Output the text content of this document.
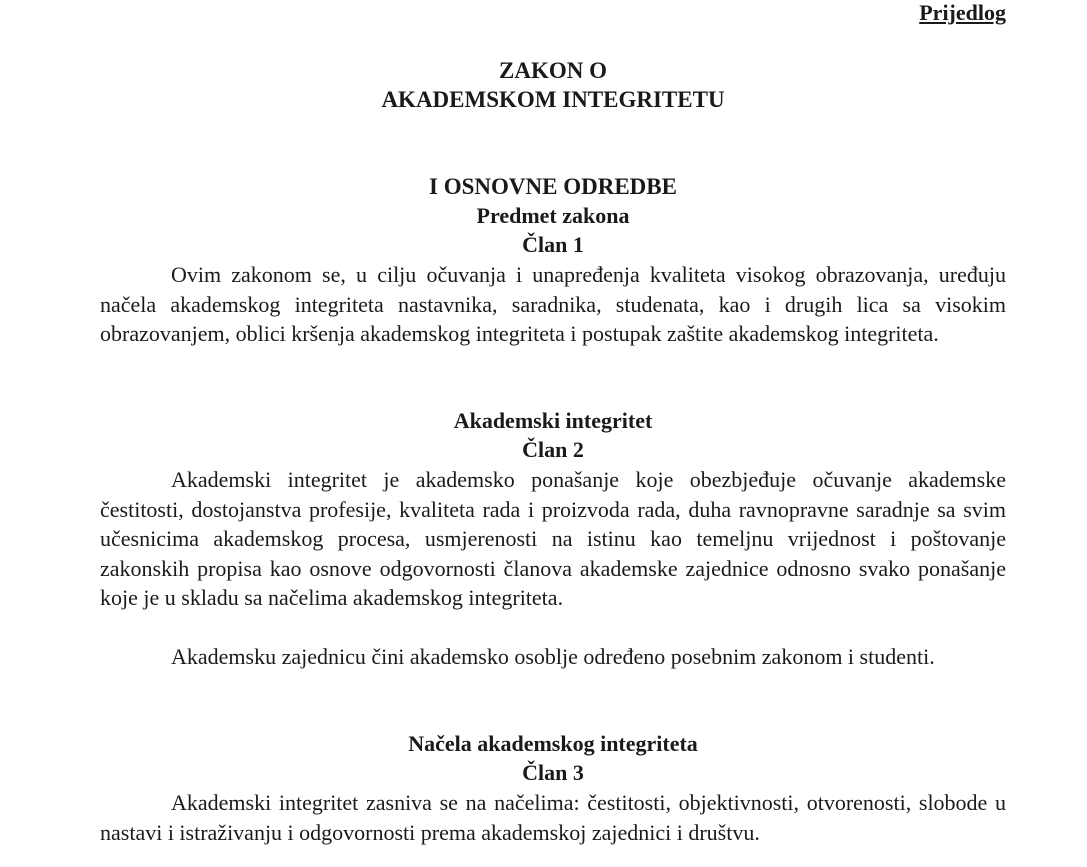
Prijedlog
ZAKON O
AKADEMSKOM INTEGRITETU
I OSNOVNE ODREDBE
Predmet zakona
Član 1
Ovim zakonom se, u cilju očuvanja i unapređenja kvaliteta visokog obrazovanja, uređuju načela akademskog integriteta nastavnika, saradnika, studenata, kao i drugih lica sa visokim obrazovanjem, oblici kršenja akademskog integriteta i postupak zaštite akademskog integriteta.
Akademski integritet
Član 2
Akademski integritet je akademsko ponašanje koje obezbjeđuje očuvanje akademske čestitosti, dostojanstva profesije, kvaliteta rada i proizvoda rada, duha ravnopravne saradnje sa svim učesnicima akademskog procesa, usmjerenosti na istinu kao temeljnu vrijednost i poštovanje zakonskih propisa kao osnove odgovornosti članova akademske zajednice odnosno svako ponašanje koje je u skladu sa načelima akademskog integriteta.
Akademsku zajednicu čini akademsko osoblje određeno posebnim zakonom i studenti.
Načela akademskog integriteta
Član 3
Akademski integritet zasniva se na načelima: čestitosti, objektivnosti, otvorenosti, slobode u nastavi i istraživanju i odgovornosti prema akademskoj zajednici i društvu.
